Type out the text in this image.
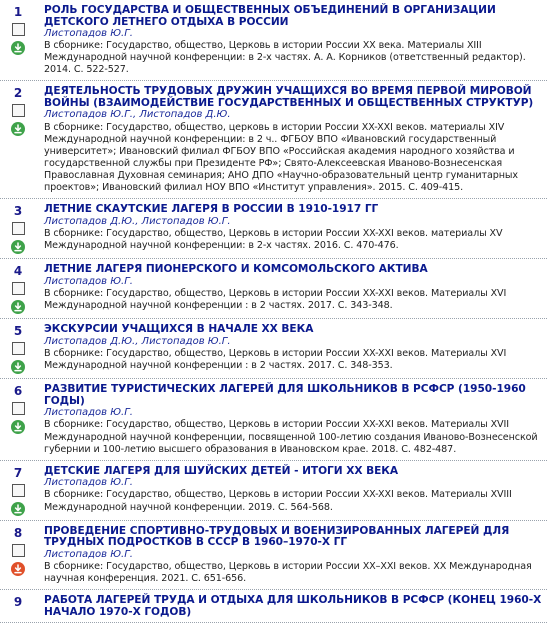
1 РОЛЬ ГОСУДАРСТВА И ОБЩЕСТВЕННЫХ ОБЪЕДИНЕНИЙ В ОРГАНИЗАЦИИ ДЕТСКОГО ЛЕТНЕГО ОТДЫХА В РОССИИ
Листопадов Ю.Г.
В сборнике: Государство, общество, Церковь в истории России XX века. Материалы XIII Международной научной конференции: в 2-х частях. А. А. Корников (ответственный редактор). 2014. С. 522-527.
2 ДЕЯТЕЛЬНОСТЬ ТРУДОВЫХ ДРУЖИН УЧАЩИХСЯ ВО ВРЕМЯ ПЕРВОЙ МИРОВОЙ ВОЙНЫ (ВЗАИМОДЕЙСТВИЕ ГОСУДАРСТВЕННЫХ И ОБЩЕСТВЕННЫХ СТРУКТУР)
Листопадов Ю.Г., Листопадов Д.Ю.
В сборнике: Государство, общество, церковь в истории России XX-XXI веков. материалы XIV Международной научной конференции: в 2 ч.. ФГБОУ ВПО «Ивановский государственный университет»; Ивановский филиал ФГБОУ ВПО «Российская академия народного хозяйства и государственной службы при Президенте РФ»; Свято-Алексеевская Иваново-Вознесенская Православная Духовная семинария; АНО ДПО «Научно-образовательный центр гуманитарных проектов»; Ивановский филиал НОУ ВПО «Институт управления». 2015. С. 409-415.
3 ЛЕТНИЕ СКАУТСКИЕ ЛАГЕРЯ В РОССИИ В 1910-1917 ГГ
Листопадов Д.Ю., Листопадов Ю.Г.
В сборнике: Государство, общество, Церковь в истории России XX-XXI веков. материалы XV Международной научной конференции: в 2-х частях. 2016. С. 470-476.
4 ЛЕТНИЕ ЛАГЕРЯ ПИОНЕРСКОГО И КОМСОМОЛЬСКОГО АКТИВА
Листопадов Ю.Г.
В сборнике: Государство, общество, Церковь в истории России XX-XXI веков. Материалы XVI Международной научной конференции : в 2 частях. 2017. С. 343-348.
5 ЭКСКУРСИИ УЧАЩИХСЯ В НАЧАЛЕ XX ВЕКА
Листопадов Д.Ю., Листопадов Ю.Г.
В сборнике: Государство, общество, Церковь в истории России XX-XXI веков. Материалы XVI Международной научной конференции : в 2 частях. 2017. С. 348-353.
6 РАЗВИТИЕ ТУРИСТИЧЕСКИХ ЛАГЕРЕЙ ДЛЯ ШКОЛЬНИКОВ В РСФСР (1950-1960 ГОДЫ)
Листопадов Ю.Г.
В сборнике: Государство, общество, Церковь в истории России XX-XXI веков. Материалы XVII Международной научной конференции, посвященной 100-летию создания Иваново-Вознесенской губернии и 100-летию высшего образования в Ивановском крае. 2018. С. 482-487.
7 ДЕТСКИЕ ЛАГЕРЯ ДЛЯ ШУЙСКИХ ДЕТЕЙ - ИТОГИ XX ВЕКА
Листопадов Ю.Г.
В сборнике: Государство, общество, Церковь в истории России XX-XXI веков. Материалы XVIII Международной научной конференции. 2019. С. 564-568.
8 ПРОВЕДЕНИЕ СПОРТИВНО-ТРУДОВЫХ И ВОЕНИЗИРОВАННЫХ ЛАГЕРЕЙ ДЛЯ ТРУДНЫХ ПОДРОСТКОВ В СССР В 1960–1970-Х ГГ
Листопадов Ю.Г.
В сборнике: Государство, общество, Церковь в истории России XX–XXI веков. XX Международная научная конференция. 2021. С. 651-656.
9 РАБОТА ЛАГЕРЕЙ ТРУДА И ОТДЫХА ДЛЯ ШКОЛЬНИКОВ В РСФСР (КОНЕЦ 1960-Х НАЧАЛО 1970-Х ГОДОВ)
